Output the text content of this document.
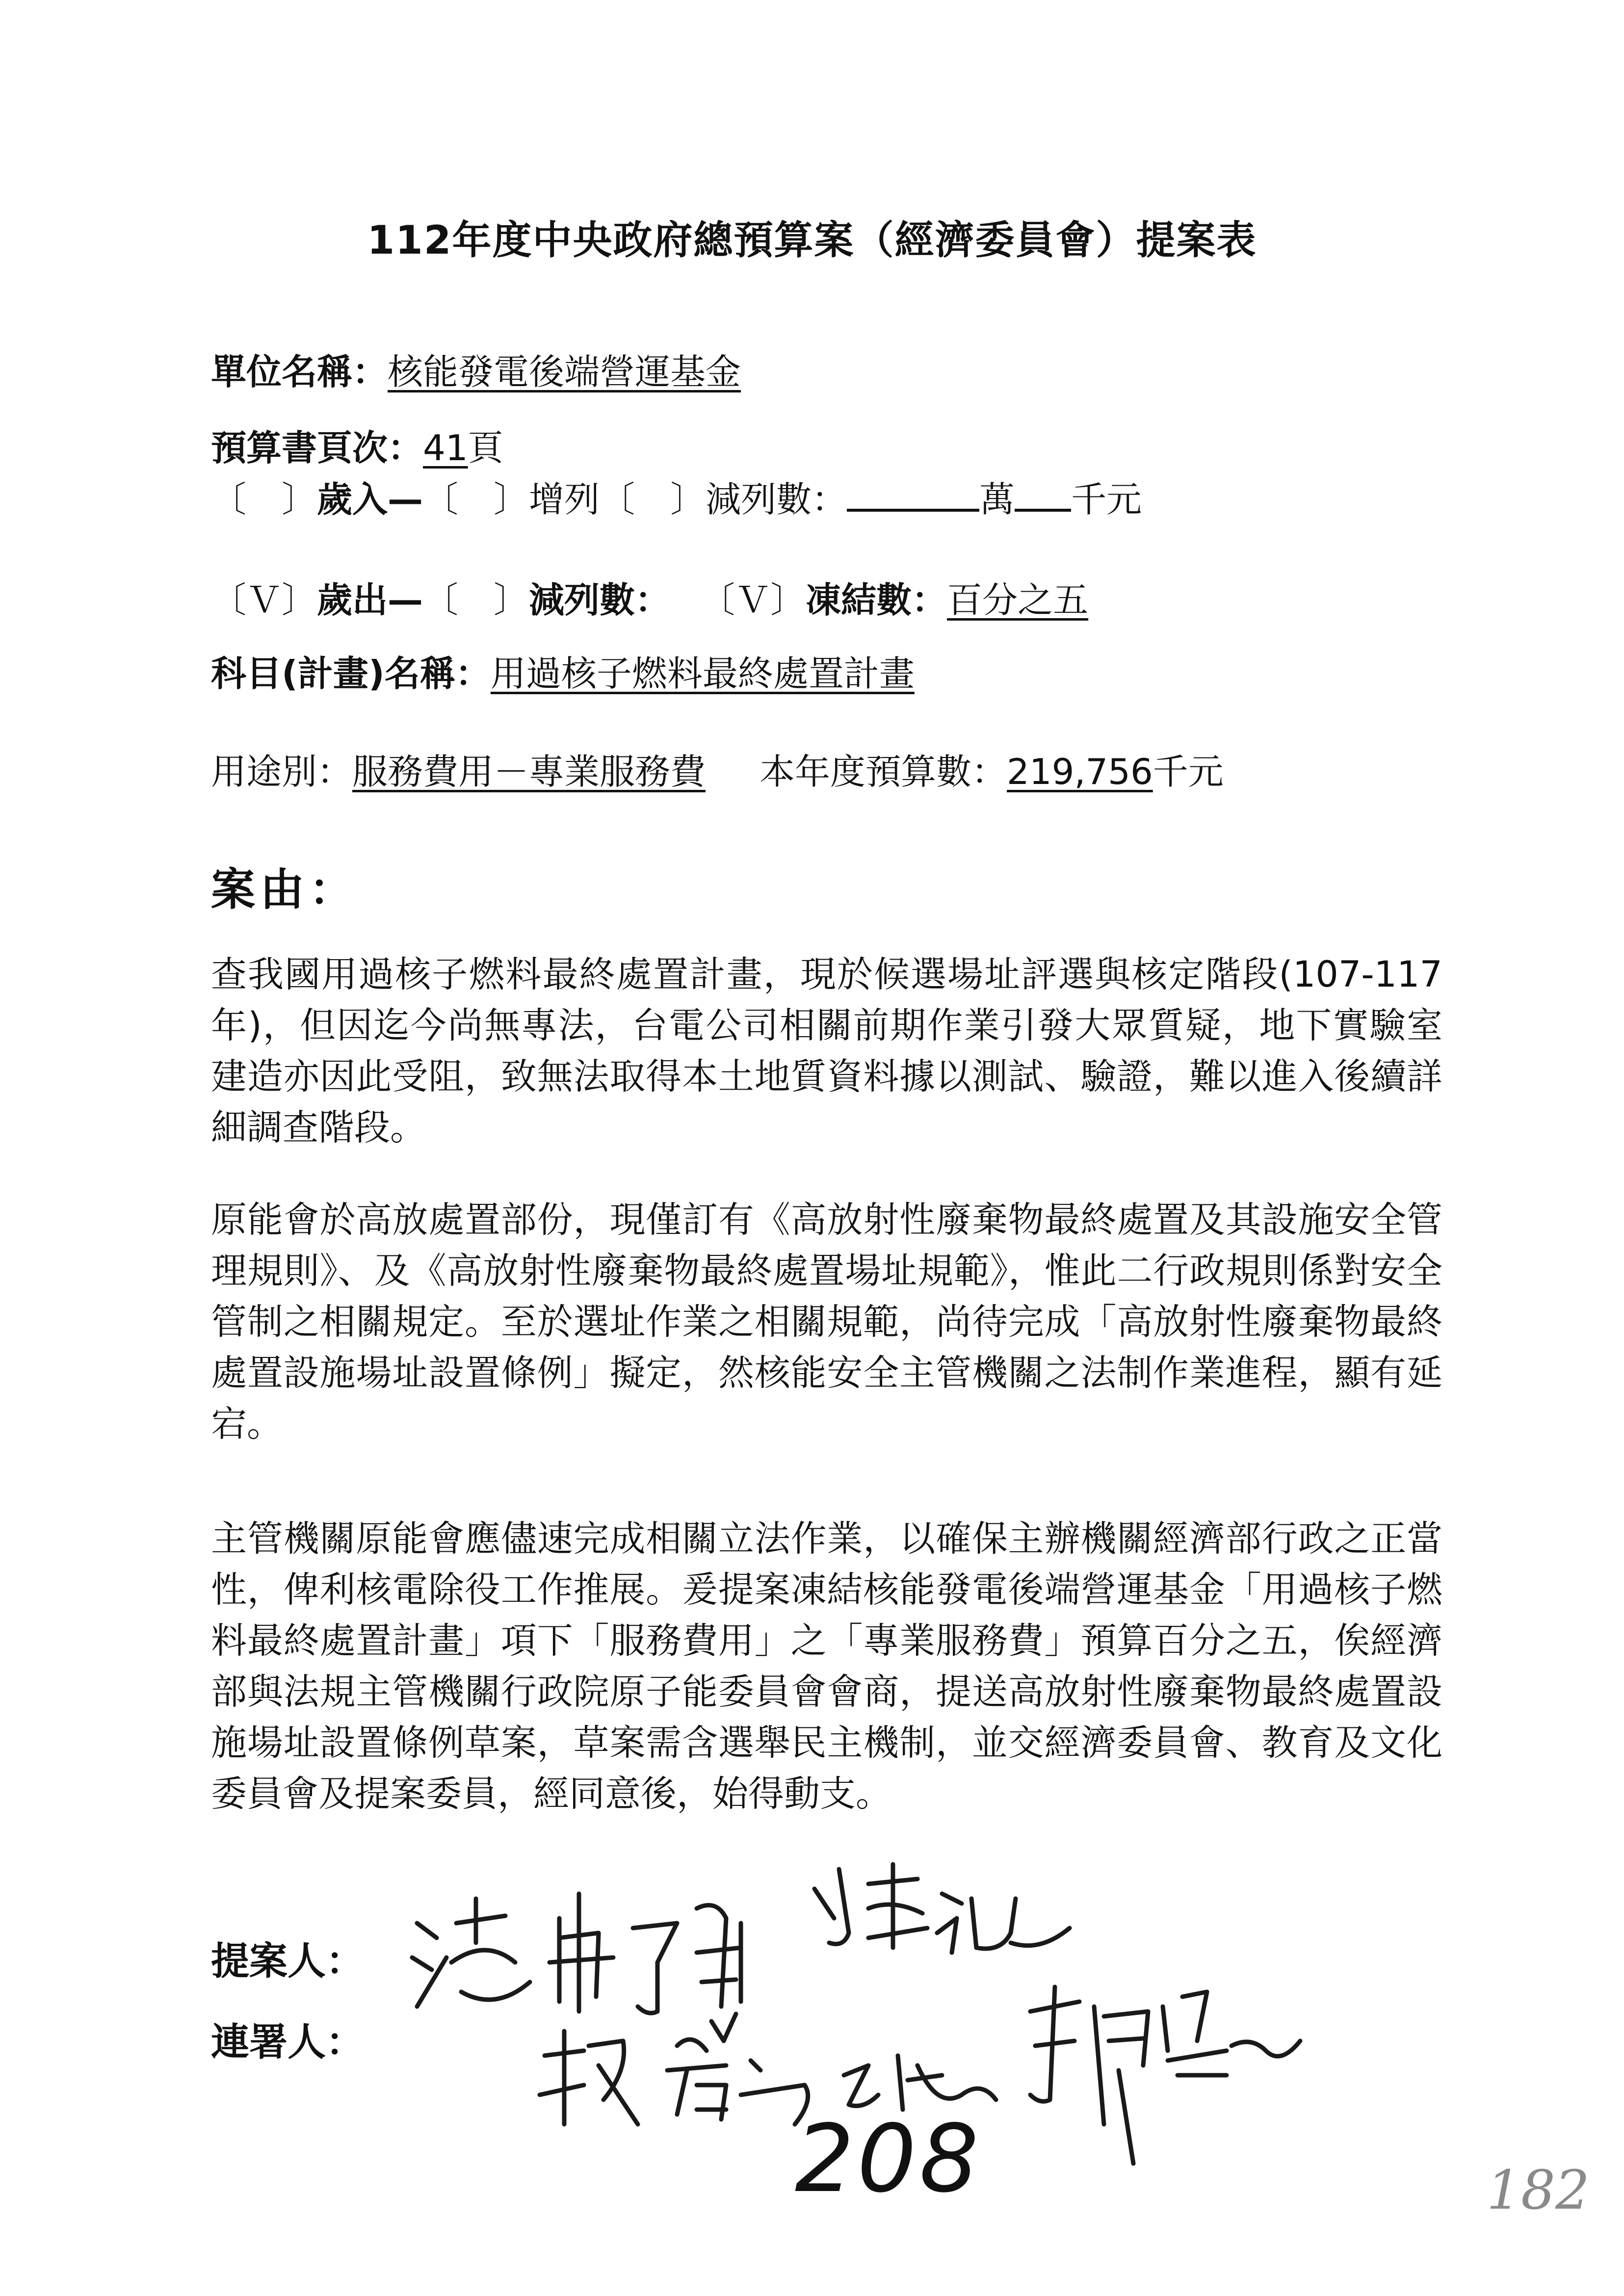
112年度中央政府總預算案（經濟委員會）提案表
單位名稱：核能發電後端營運基金
預算書頁次：41頁
〔　〕歲入—〔　〕增列〔　〕減列數：	萬 千元
〔Ｖ〕歲出—〔　〕減列數： 〔Ｖ〕凍結數：百分之五
科目(計畫)名稱：用過核子燃料最終處置計畫
用途別：服務費用－專業服務費 本年度預算數：219,756千元
案由：
查我國用過核子燃料最終處置計畫，現於候選場址評選與核定階段(107-117年)，但因迄今尚無專法，台電公司相關前期作業引發大眾質疑，地下實驗室建造亦因此受阻，致無法取得本土地質資料據以測試、驗證，難以進入後續詳細調查階段。
原能會於高放處置部份，現僅訂有《高放射性廢棄物最終處置及其設施安全管理規則》、及《高放射性廢棄物最終處置場址規範》，惟此二行政規則係對安全管制之相關規定。至於選址作業之相關規範，尚待完成「高放射性廢棄物最終處置設施場址設置條例」擬定，然核能安全主管機關之法制作業進程，顯有延宕。
主管機關原能會應儘速完成相關立法作業，以確保主辦機關經濟部行政之正當性，俾利核電除役工作推展。爰提案凍結核能發電後端營運基金「用過核子燃料最終處置計畫」項下「服務費用」之「專業服務費」預算百分之五，俟經濟部與法規主管機關行政院原子能委員會會商，提送高放射性廢棄物最終處置設施場址設置條例草案，草案需含選舉民主機制，並交經濟委員會、教育及文化委員會及提案委員，經同意後，始得動支。
提案人：
連署人：
208	182
